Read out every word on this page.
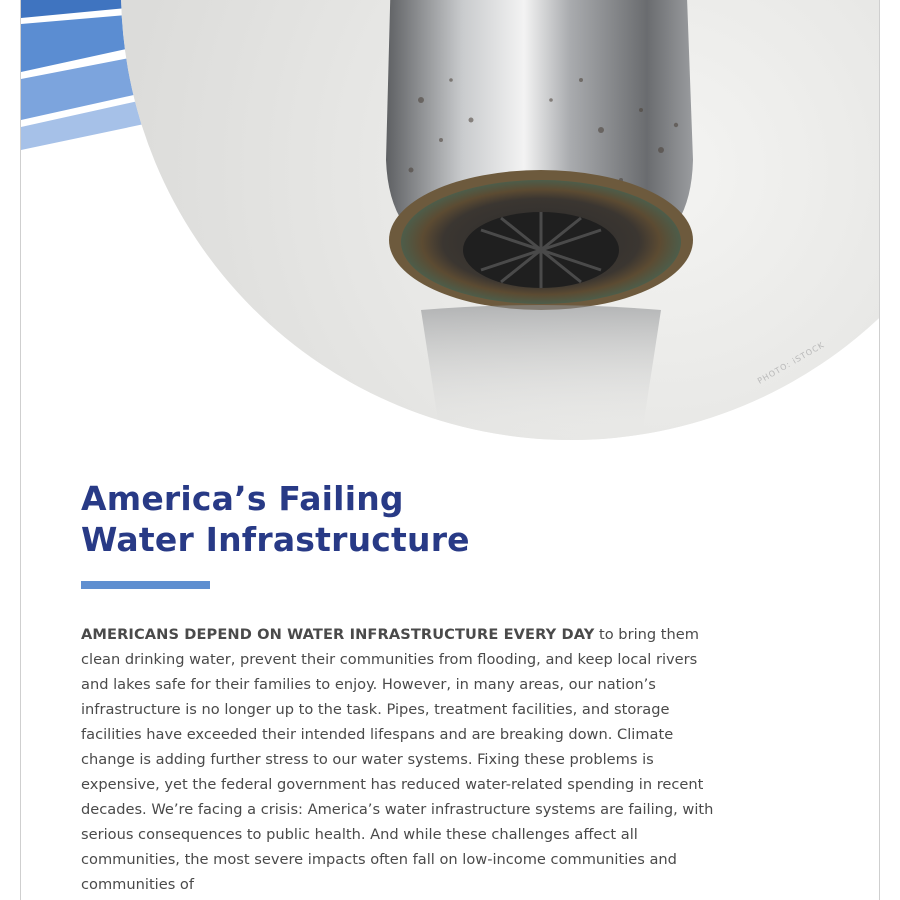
PHOTO: iSTOCK
America’s Failing
Water Infrastructure

AMERICANS DEPEND ON WATER INFRASTRUCTURE EVERY DAY to bring them clean drinking water, prevent their communities from flooding, and keep local rivers and lakes safe for their families to enjoy. However, in many areas, our nation’s infrastructure is no longer up to the task. Pipes, treatment facilities, and storage facilities have exceeded their intended lifespans and are breaking down. Climate change is adding further stress to our water systems. Fixing these problems is expensive, yet the federal government has reduced water-related spending in recent decades. We’re facing a crisis: America’s water infrastructure systems are failing, with serious consequences to public health. And while these challenges affect all communities, the most severe impacts often fall on low-income communities and communities of
